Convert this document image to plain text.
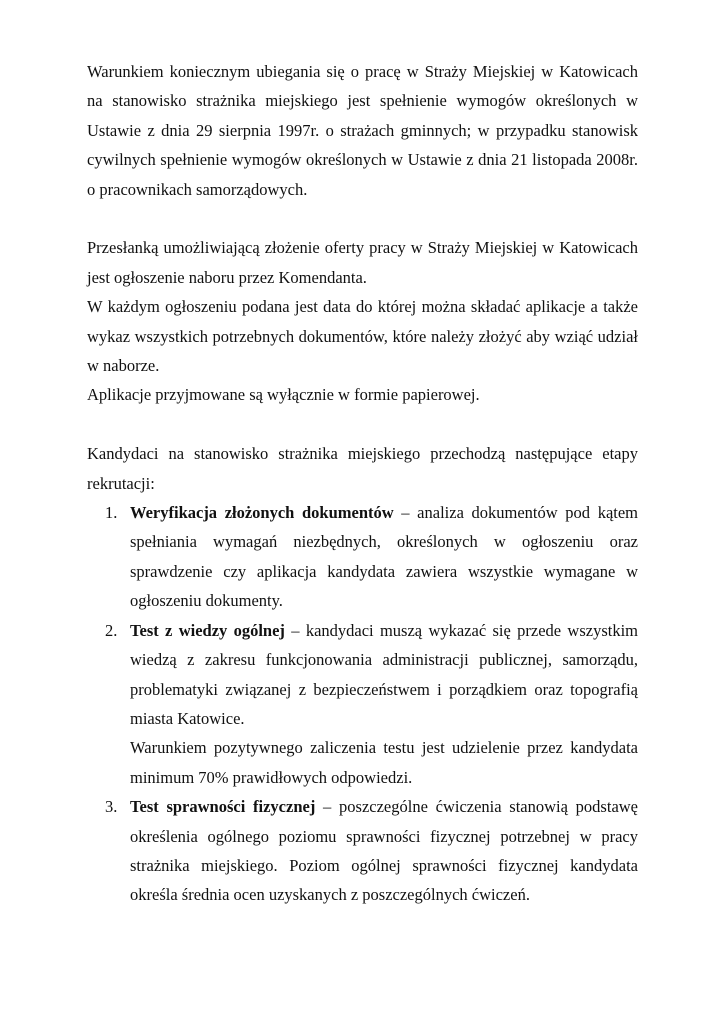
Warunkiem koniecznym ubiegania się o pracę w Straży Miejskiej w Katowicach na stanowisko strażnika miejskiego jest spełnienie wymogów określonych w Ustawie z dnia 29 sierpnia 1997r. o strażach gminnych; w przypadku stanowisk cywilnych spełnienie wymogów określonych w Ustawie z dnia 21 listopada 2008r. o pracownikach samorządowych.

Przesłanką umożliwiającą złożenie oferty pracy w Straży Miejskiej w Katowicach jest ogłoszenie naboru przez Komendanta.

W każdym ogłoszeniu podana jest data do której można składać aplikacje a także wykaz wszystkich potrzebnych dokumentów, które należy złożyć aby wziąć udział w naborze.

Aplikacje przyjmowane są wyłącznie w formie papierowej.

Kandydaci na stanowisko strażnika miejskiego przechodzą następujące etapy rekrutacji:

1. Weryfikacja złożonych dokumentów – analiza dokumentów pod kątem spełniania wymagań niezbędnych, określonych w ogłoszeniu oraz sprawdzenie czy aplikacja kandydata zawiera wszystkie wymagane w ogłoszeniu dokumenty.
2. Test z wiedzy ogólnej – kandydaci muszą wykazać się przede wszystkim wiedzą z zakresu funkcjonowania administracji publicznej, samorządu, problematyki związanej z bezpieczeństwem i porządkiem oraz topografią miasta Katowice.

Warunkiem pozytywnego zaliczenia testu jest udzielenie przez kandydata minimum 70% prawidłowych odpowiedzi.

3. Test sprawności fizycznej – poszczególne ćwiczenia stanowią podstawę określenia ogólnego poziomu sprawności fizycznej potrzebnej w pracy strażnika miejskiego. Poziom ogólnej sprawności fizycznej kandydata określa średnia ocen uzyskanych z poszczególnych ćwiczeń.
